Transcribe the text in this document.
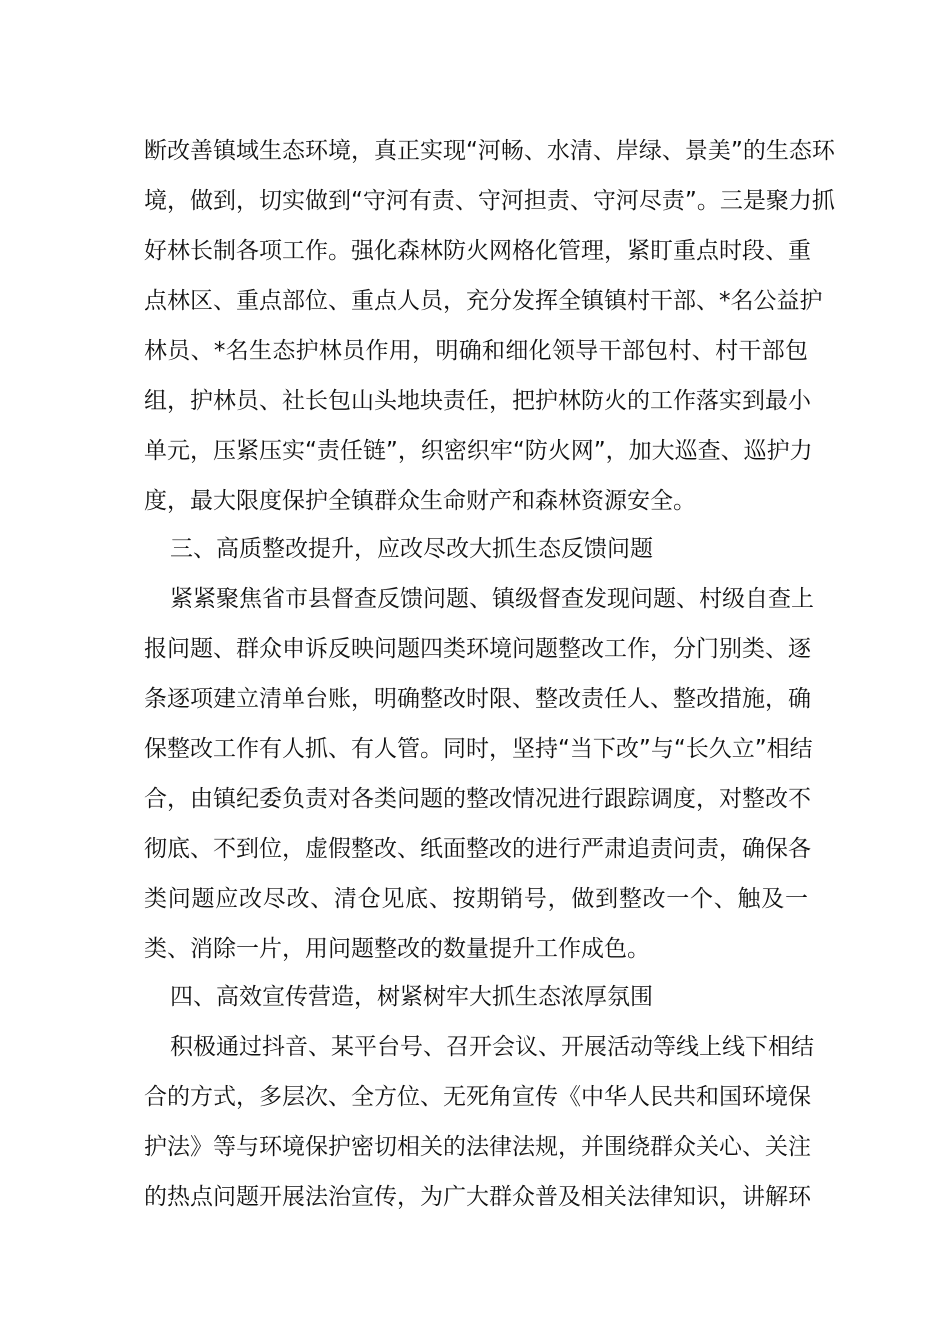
断改善镇域生态环境，真正实现“河畅、水清、岸绿、景美”的生态环
境，做到，切实做到“守河有责、守河担责、守河尽责”。三是聚力抓
好林长制各项工作。强化森林防火网格化管理，紧盯重点时段、重
点林区、重点部位、重点人员，充分发挥全镇镇村干部、*名公益护
林员、*名生态护林员作用，明确和细化领导干部包村、村干部包
组，护林员、社长包山头地块责任，把护林防火的工作落实到最小
单元，压紧压实“责任链”，织密织牢“防火网”，加大巡查、巡护力
度，最大限度保护全镇群众生命财产和森林资源安全。
三、高质整改提升，应改尽改大抓生态反馈问题
紧紧聚焦省市县督查反馈问题、镇级督查发现问题、村级自查上
报问题、群众申诉反映问题四类环境问题整改工作，分门别类、逐
条逐项建立清单台账，明确整改时限、整改责任人、整改措施，确
保整改工作有人抓、有人管。同时，坚持“当下改”与“长久立”相结
合，由镇纪委负责对各类问题的整改情况进行跟踪调度，对整改不
彻底、不到位，虚假整改、纸面整改的进行严肃追责问责，确保各
类问题应改尽改、清仓见底、按期销号，做到整改一个、触及一
类、消除一片，用问题整改的数量提升工作成色。
四、高效宣传营造，树紧树牢大抓生态浓厚氛围
积极通过抖音、某平台号、召开会议、开展活动等线上线下相结
合的方式，多层次、全方位、无死角宣传《中华人民共和国环境保
护法》等与环境保护密切相关的法律法规，并围绕群众关心、关注
的热点问题开展法治宣传，为广大群众普及相关法律知识，讲解环
